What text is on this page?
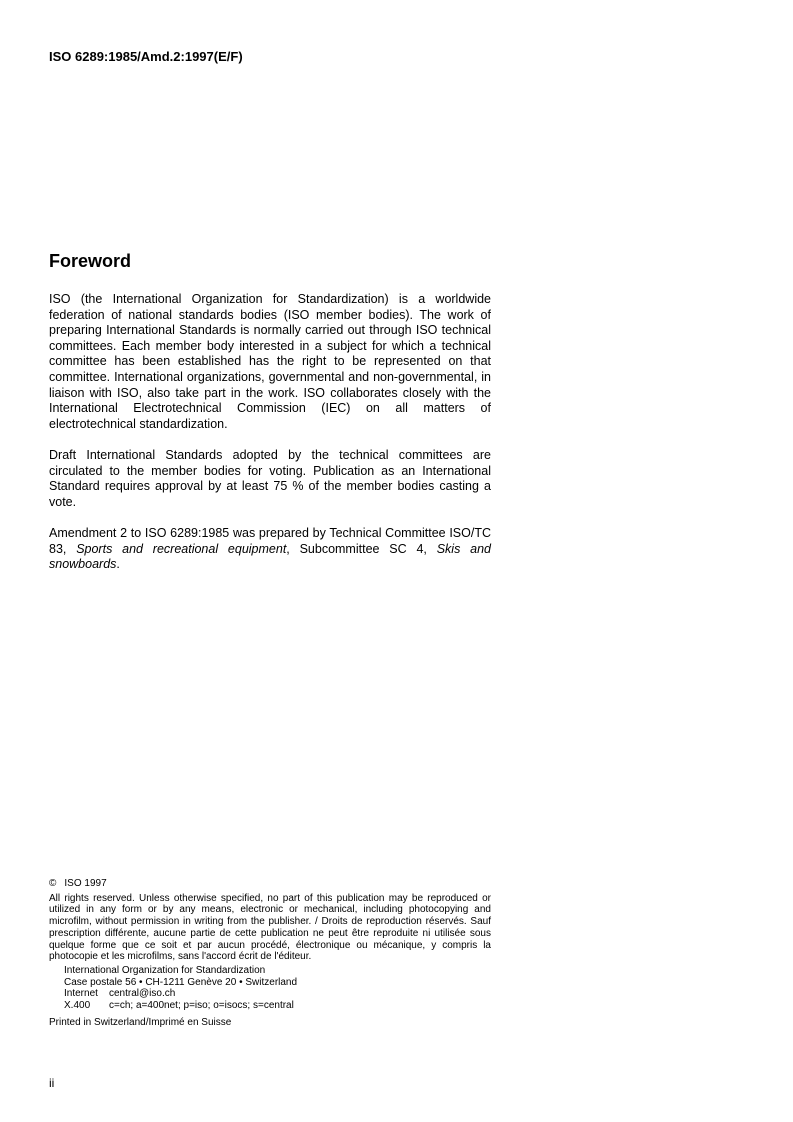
ISO 6289:1985/Amd.2:1997(E/F)
Foreword

ISO (the International Organization for Standardization) is a worldwide federation of national standards bodies (ISO member bodies). The work of preparing International Standards is normally carried out through ISO technical committees. Each member body interested in a subject for which a technical committee has been established has the right to be represented on that committee. International organizations, governmental and non-governmental, in liaison with ISO, also take part in the work. ISO collaborates closely with the International Electrotechnical Commission (IEC) on all matters of electrotechnical standardization.

Draft International Standards adopted by the technical committees are circulated to the member bodies for voting. Publication as an International Standard requires approval by at least 75 % of the member bodies casting a vote.

Amendment 2 to ISO 6289:1985 was prepared by Technical Committee ISO/TC 83, Sports and recreational equipment, Subcommittee SC 4, Skis and snowboards.

© ISO 1997

All rights reserved. Unless otherwise specified, no part of this publication may be reproduced or utilized in any form or by any means, electronic or mechanical, including photocopying and microfilm, without permission in writing from the publisher. / Droits de reproduction réservés. Sauf prescription différente, aucune partie de cette publication ne peut être reproduite ni utilisée sous quelque forme que ce soit et par aucun procédé, électronique ou mécanique, y compris la photocopie et les microfilms, sans l'accord écrit de l'éditeur.

International Organization for Standardization
Case postale 56 • CH-1211 Genève 20 • Switzerland
Internet central@iso.ch
X.400 c=ch; a=400net; p=iso; o=isocs; s=central
Printed in Switzerland/Imprimé en Suisse
ii
